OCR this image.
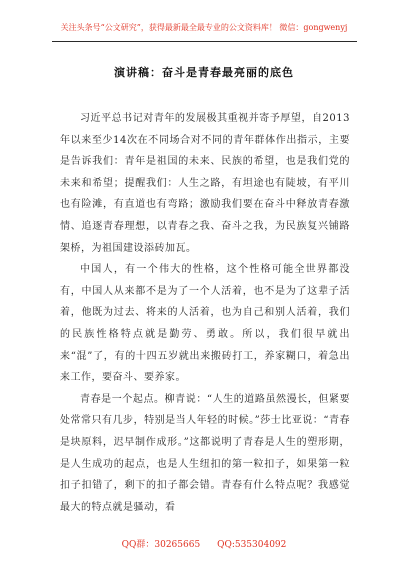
关注头条号“公文研究”，获得最新最全最专业的公文资料库！ 微信：gongwenyj
演讲稿：奋斗是青春最亮丽的底色

习近平总书记对青年的发展极其重视并寄予厚望，自2013年以来至少14次在不同场合对不同的青年群体作出指示，主要是告诉我们：青年是祖国的未来、民族的希望，也是我们党的未来和希望；提醒我们：人生之路，有坦途也有陡坡，有平川也有险滩，有直道也有弯路；激励我们要在奋斗中释放青春激情、追逐青春理想，以青春之我、奋斗之我，为民族复兴铺路架桥，为祖国建设添砖加瓦。

中国人，有一个伟大的性格，这个性格可能全世界都没有，中国人从来都不是为了一个人活着，也不是为了这辈子活着，他既为过去、将来的人活着，也为自己和别人活着，我们的民族性格特点就是勤劳、勇敢。所以，我们很早就出来“混”了，有的十四五岁就出来搬砖打工，养家糊口，着急出来工作，要奋斗、要养家。

青春是一个起点。柳青说：“人生的道路虽然漫长，但紧要处常常只有几步，特别是当人年轻的时候。”莎士比亚说：“青春是块原料，迟早制作成形。”这都说明了青春是人生的塑形期，是人生成功的起点，也是人生纽扣的第一粒扣子，如果第一粒扣子扣错了，剩下的扣子都会错。青春有什么特点呢？我感觉最大的特点就是骚动，看

QQ群：30265665 QQ:535304092
